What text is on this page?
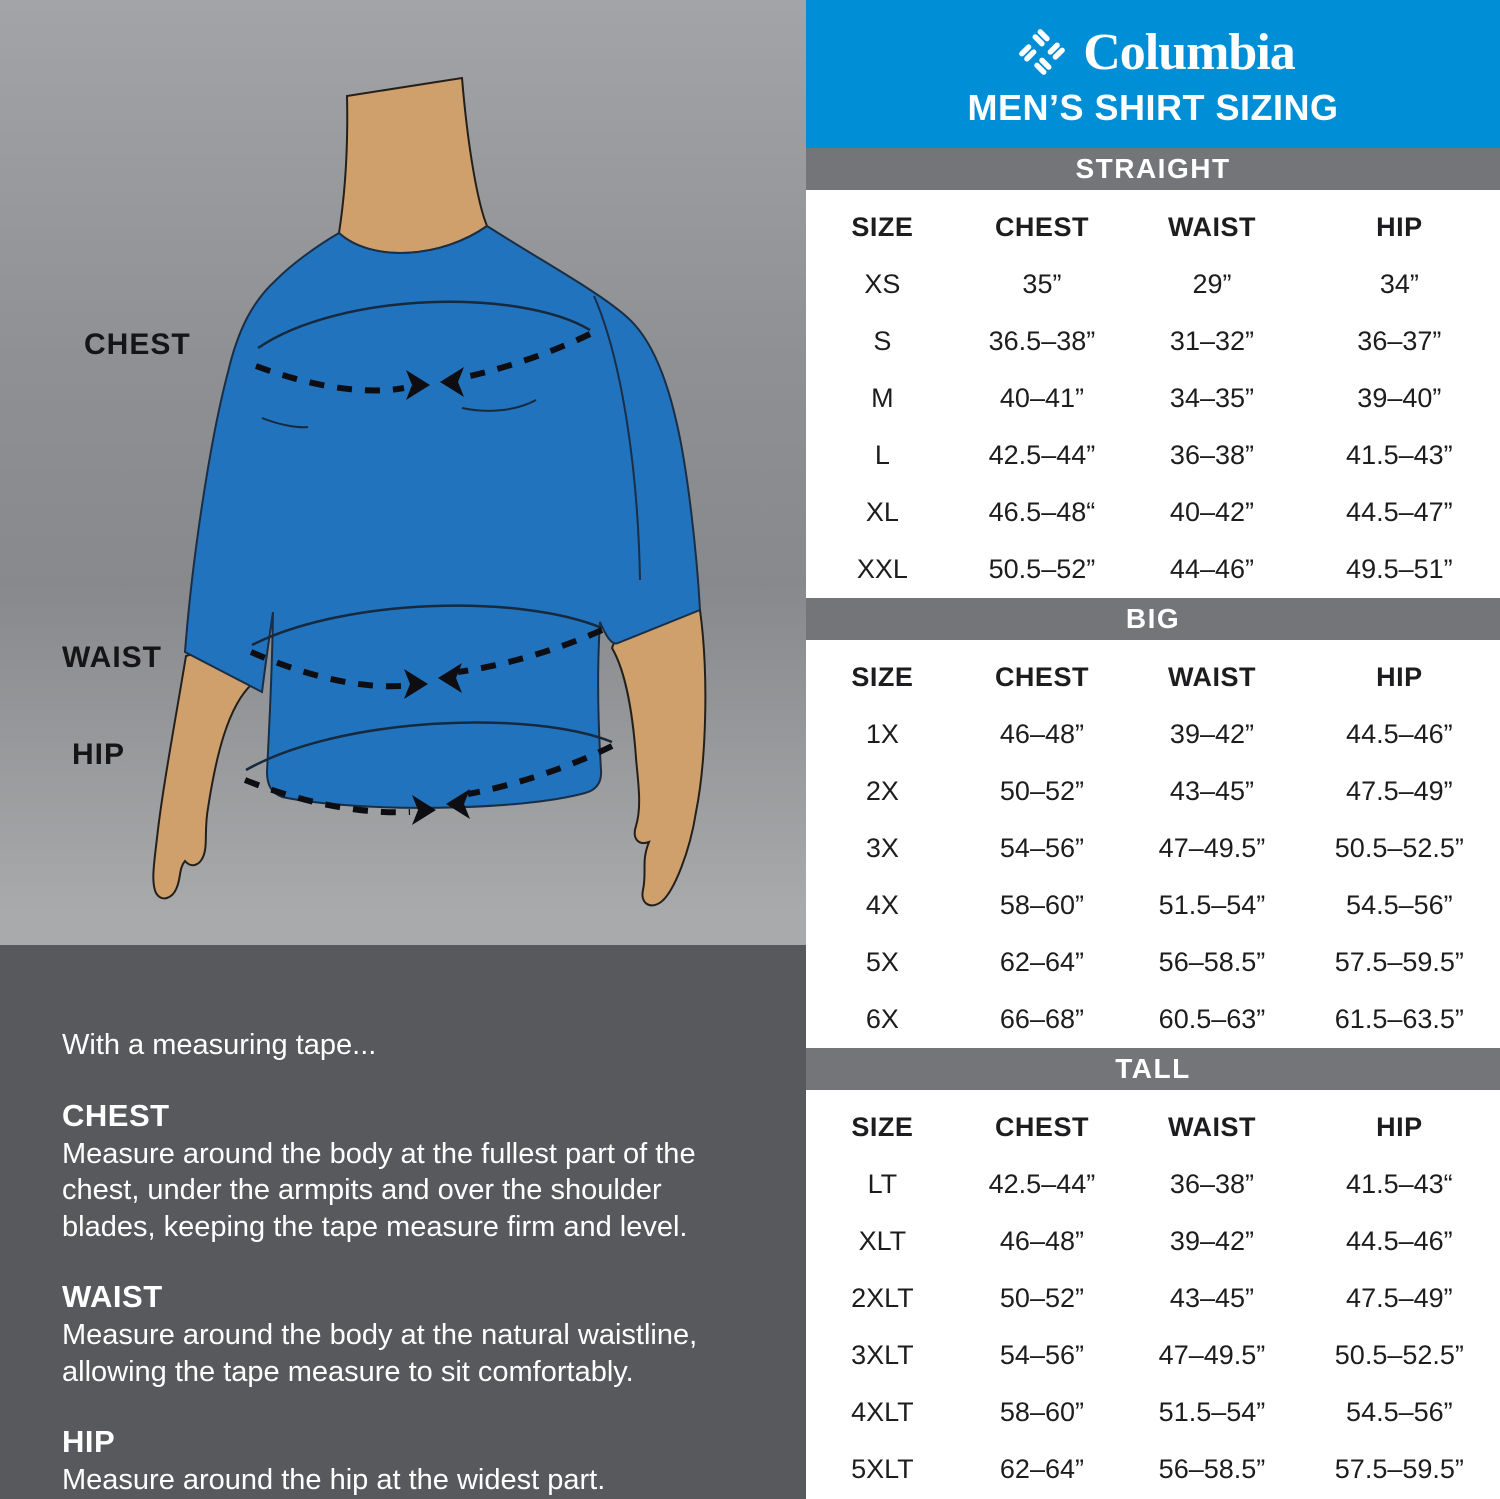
CHEST
WAIST
HIP

With a measuring tape...

CHEST

Measure around the body at the fullest part of the chest, under the armpits and over the shoulder blades, keeping the tape measure firm and level.

WAIST

Measure around the body at the natural waistline, allowing the tape measure to sit comfortably.

HIP

Measure around the hip at the widest part.

Columbia
MEN’S SHIRT SIZING
STRAIGHT
SIZE	CHEST	WAIST	HIP
XS	35”	29”	34”
S	36.5–38”	31–32”	36–37”
M	40–41”	34–35”	39–40”
L	42.5–44”	36–38”	41.5–43”
XL	46.5–48“	40–42”	44.5–47”
XXL	50.5–52”	44–46”	49.5–51”
BIG
SIZE	CHEST	WAIST	HIP
1X	46–48”	39–42”	44.5–46”
2X	50–52”	43–45”	47.5–49”
3X	54–56”	47–49.5”	50.5–52.5”
4X	58–60”	51.5–54”	54.5–56”
5X	62–64”	56–58.5”	57.5–59.5”
6X	66–68”	60.5–63”	61.5–63.5”
TALL
SIZE	CHEST	WAIST	HIP
LT	42.5–44”	36–38”	41.5–43“
XLT	46–48”	39–42”	44.5–46”
2XLT	50–52”	43–45”	47.5–49”
3XLT	54–56”	47–49.5”	50.5–52.5”
4XLT	58–60”	51.5–54”	54.5–56”
5XLT	62–64”	56–58.5”	57.5–59.5”
